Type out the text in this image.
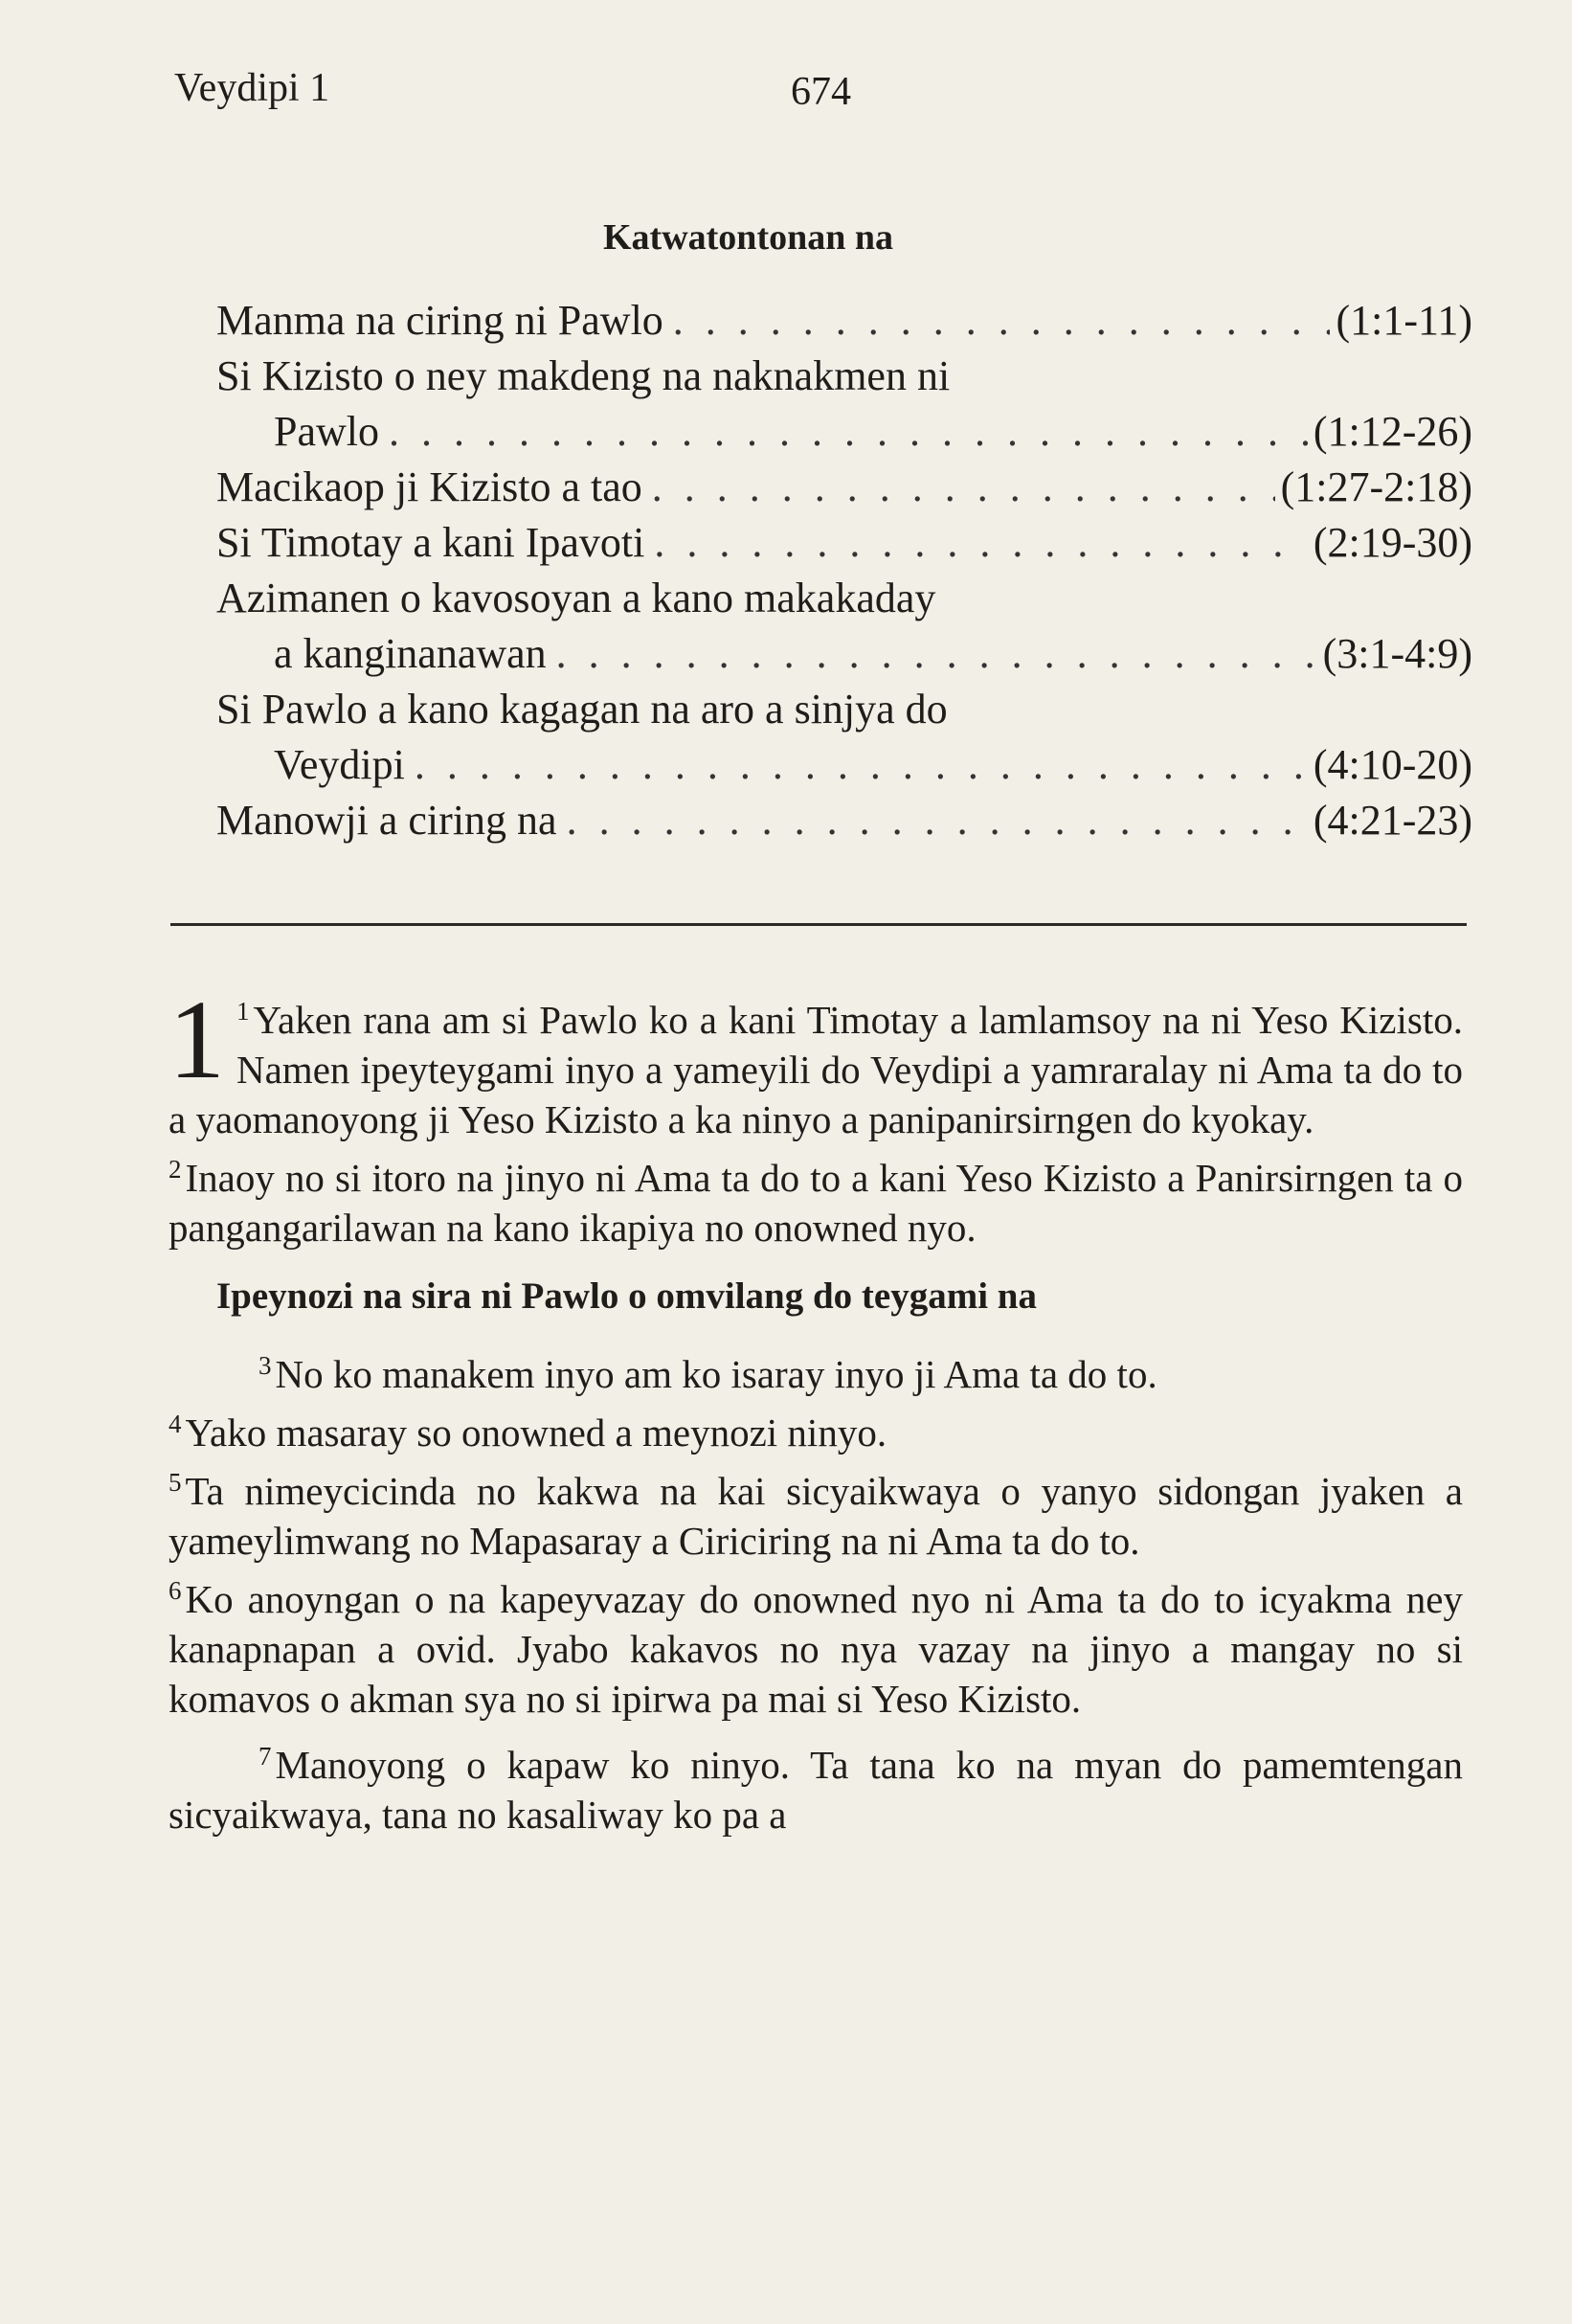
Veydipi 1	674
Katwatontonan na
Manma na ciring ni Pawlo . . .	(1:1-11)
Si Kizisto o ney makdeng na naknakmen ni
Pawlo . . .	(1:12-26)
Macikaop ji Kizisto a tao . . .	(1:27-2:18)
Si Timotay a kani Ipavoti . . .	(2:19-30)
Azimanen o kavosoyan a kano makakaday
a kanginanawan . . .	(3:1-4:9)
Si Pawlo a kano kagagan na aro a sinjya do
Veydipi . . .	(4:10-20)
Manowji a ciring na . . .	(4:21-23)

1 $^1$Yaken rana am si Pawlo ko a kani Timotay a lamlamsoy na ni Yeso Kizisto. Namen ipeyteygami inyo a yameyili do Veydipi a yamraralay ni Ama ta do to a yaomanoyong ji Yeso Kizisto a ka ninyo a panipanirsirngen do kyokay.

$^2$Inaoy no si itoro na jinyo ni Ama ta do to a kani Yeso Kizisto a Panirsirngen ta o pangangarilawan na kano ikapiya no onowned nyo.

Ipeynozi na sira ni Pawlo o omvilang do teygami na

$^3$No ko manakem inyo am ko isaray inyo ji Ama ta do to.

$^4$Yako masaray so onowned a meynozi ninyo.

$^5$Ta nimeycicinda no kakwa na kai sicyaikwaya o yanyo sidongan jyaken a yameylimwang no Mapasaray a Ciriciring na ni Ama ta do to.

$^6$Ko anoyngan o na kapeyvazay do onowned nyo ni Ama ta do to icyakma ney kanapnapan a ovid. Jyabo kakavos no nya vazay na jinyo a mangay no si komavos o akman sya no si ipirwa pa mai si Yeso Kizisto.

$^7$Manoyong o kapaw ko ninyo. Ta tana ko na myan do pamemtengan sicyaikwaya, tana no kasaliway ko pa a
